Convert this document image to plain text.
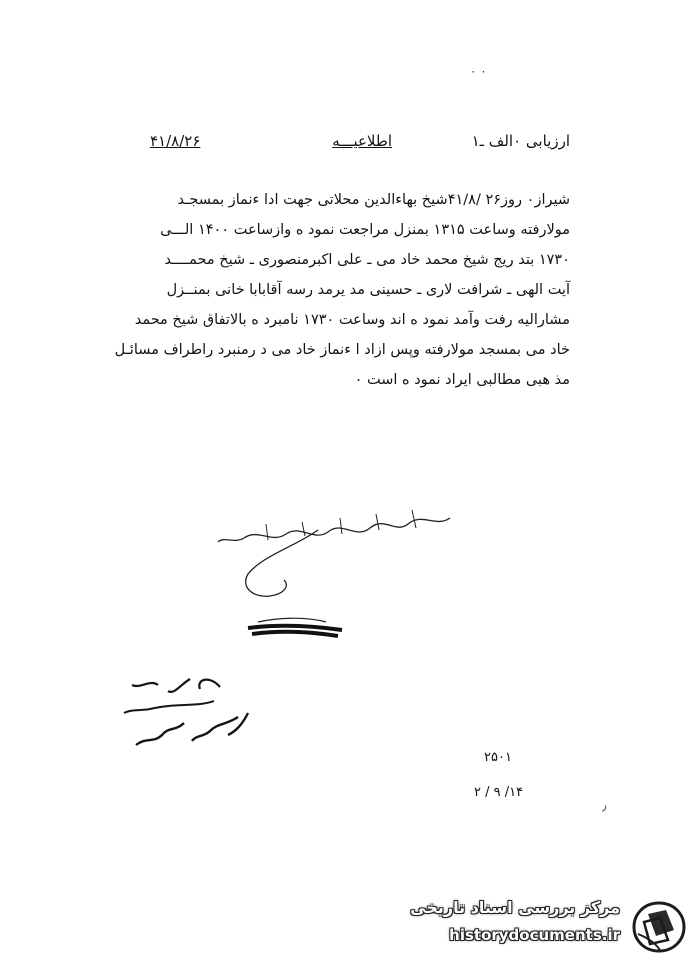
۰ ۰
ارزیابی ۰الف ـ۱
اطلاعیـــه
۴۱/۸/۲۶
شیراز۰ روز۲۶ /۴۱/۸شیخ بهاءالدین محلاتی جهت ادا ءنماز بمسجـد
مولارفته وساعت ۱۳۱۵ بمنزل مراجعت نمود ه وازساعت ۱۴۰۰ الـــی
۱۷۳۰ بتد ریج شیخ محمد خاد می ـ علی اکبرمنصوری ـ شیخ محمــــد
آیت الهی ـ شرافت لاری ـ حسینی مد یرمد رسه آقابابا خانی بمنــزل
مشارالیه رفت وآمد نمود ه اند وساعت ۱۷۳۰ نامبرد ه بالاتفاق شیخ محمد
خاد می بمسجد مولارفته وپس ازاد ا ءنماز خاد می د رمنبرد راطراف مسائـل
مذ هبی مطالبی ایراد نمود ه است ۰
۲۵۰۱
۱۴/ ۹ / ۲
٫
مرکز بررسی اسناد تاریخی
historydocuments.ir
